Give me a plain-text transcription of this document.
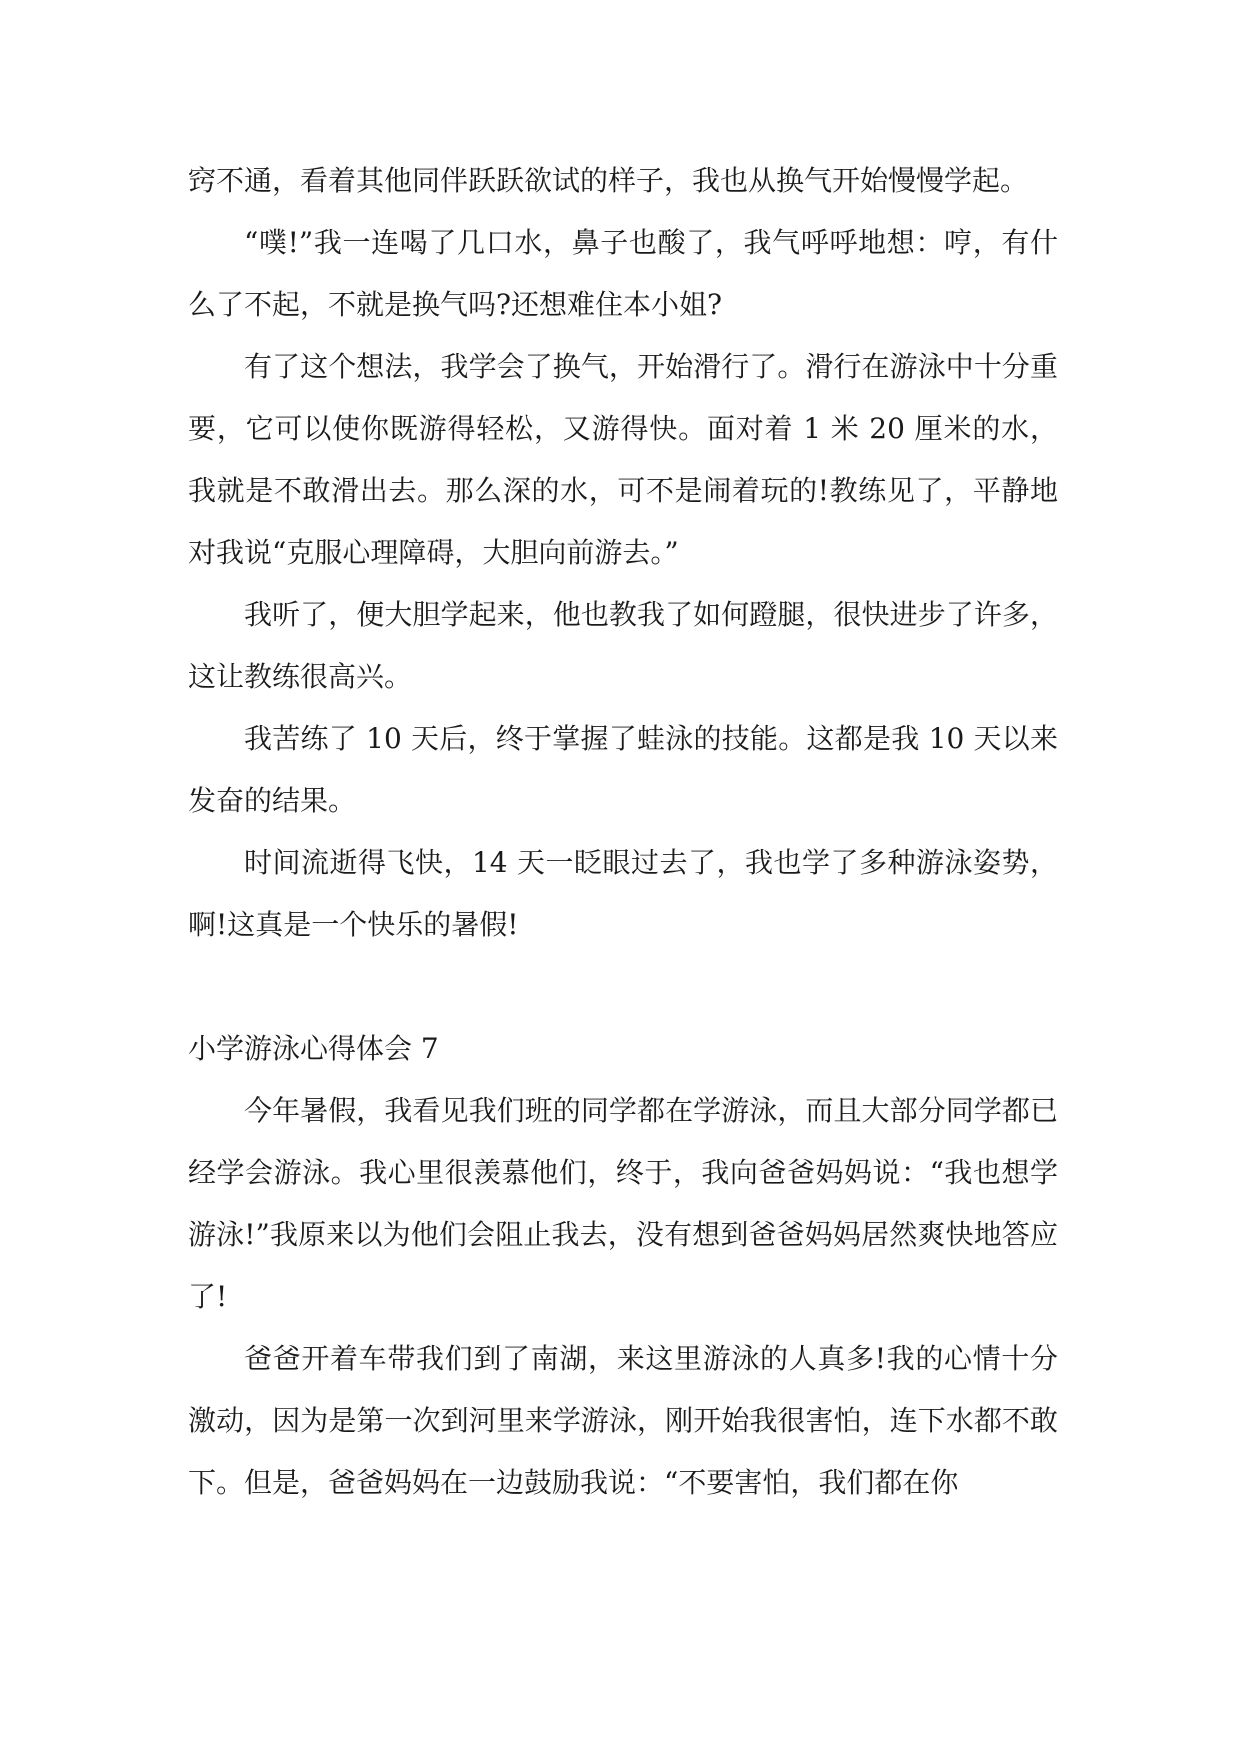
窍不通，看着其他同伴跃跃欲试的样子，我也从换气开始慢慢学起。

“噗!”我一连喝了几口水，鼻子也酸了，我气呼呼地想：哼，有什么了不起，不就是换气吗?还想难住本小姐?

有了这个想法，我学会了换气，开始滑行了。滑行在游泳中十分重要，它可以使你既游得轻松，又游得快。面对着 1 米 20 厘米的水，我就是不敢滑出去。那么深的水，可不是闹着玩的!教练见了，平静地对我说“克服心理障碍，大胆向前游去。”

我听了，便大胆学起来，他也教我了如何蹬腿，很快进步了许多，这让教练很高兴。

我苦练了 10 天后，终于掌握了蛙泳的技能。这都是我 10 天以来发奋的结果。

时间流逝得飞快，14 天一眨眼过去了，我也学了多种游泳姿势，啊!这真是一个快乐的暑假!

小学游泳心得体会 7

今年暑假，我看见我们班的同学都在学游泳，而且大部分同学都已经学会游泳。我心里很羡慕他们，终于，我向爸爸妈妈说：“我也想学游泳!”我原来以为他们会阻止我去，没有想到爸爸妈妈居然爽快地答应了!

爸爸开着车带我们到了南湖，来这里游泳的人真多!我的心情十分激动，因为是第一次到河里来学游泳，刚开始我很害怕，连下水都不敢下。但是，爸爸妈妈在一边鼓励我说：“不要害怕，我们都在你
